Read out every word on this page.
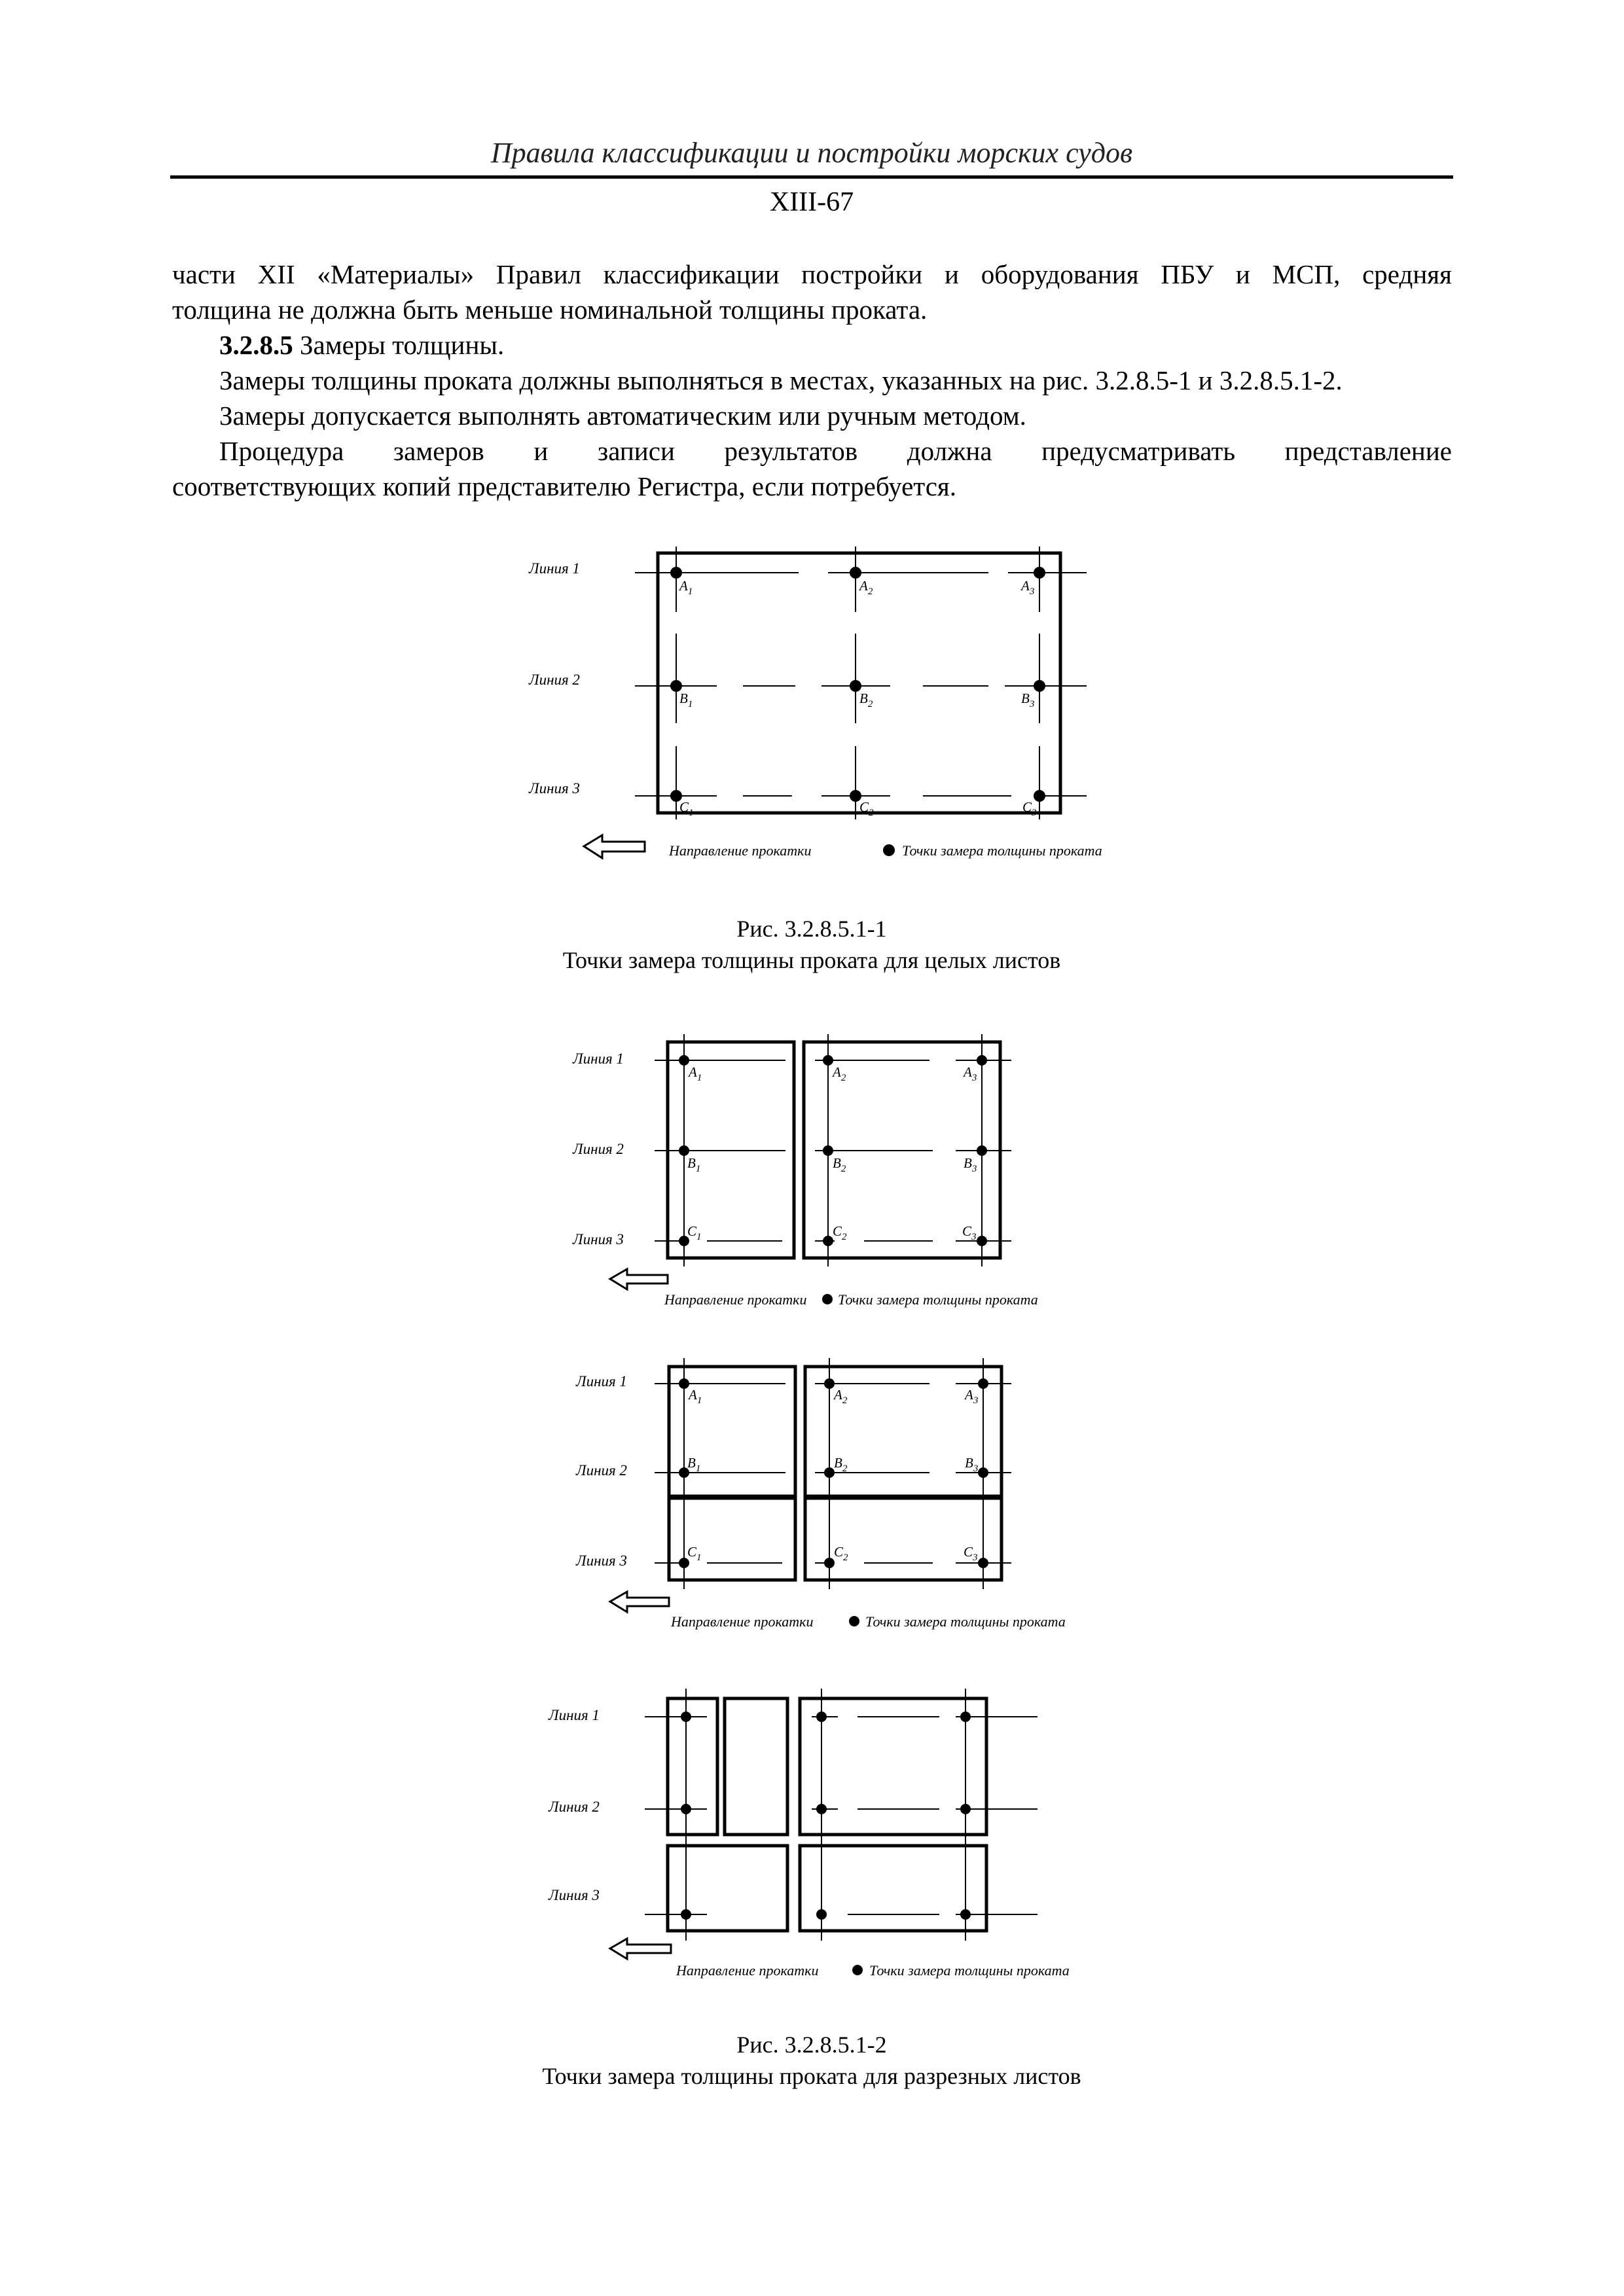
Правила классификации и постройки морских судов
XIII-67

части XII «Материалы» Правил классификации постройки и оборудования ПБУ и МСП, средняя

толщина не должна быть меньше номинальной толщины проката.

3.2.8.5 Замеры толщины.

Замеры толщины проката должны выполняться в местах, указанных на рис. 3.2.8.5-1 и 3.2.8.5.1-2.

Замеры допускается выполнять автоматическим или ручным методом.

Процедура замеров и записи результатов должна предусматривать представление

соответствующих копий представителю Регистра, если потребуется.

Линия 1
Линия 2
Линия 3
$A_1$	$A_2$	$A_3$
$B_1$	$B_2$	$B_3$
$C_1$	$C_2$	$C_3$
Направление прокатки	Точки замера толщины проката
Рис. 3.2.8.5.1-1
Точки замера толщины проката для целых листов
Линия 1
Линия 2
Линия 3
$A_1$	$A_2$	$A_3$
$B_1$	$B_2$	$B_3$
$C_1$	$C_2$	$C_3$
Направление прокатки Точки замера толщины проката
Линия 1
Линия 2
Линия 3
$A_1$	$A_2$	$A_3$
$B_1$	$B_2$	$B_3$
$C_1$	$C_2$	$C_3$
Направление прокатки	Точки замера толщины проката
Линия 1
Линия 2
Линия 3
Направление прокатки	Точки замера толщины проката
Рис. 3.2.8.5.1-2
Точки замера толщины проката для разрезных листов
